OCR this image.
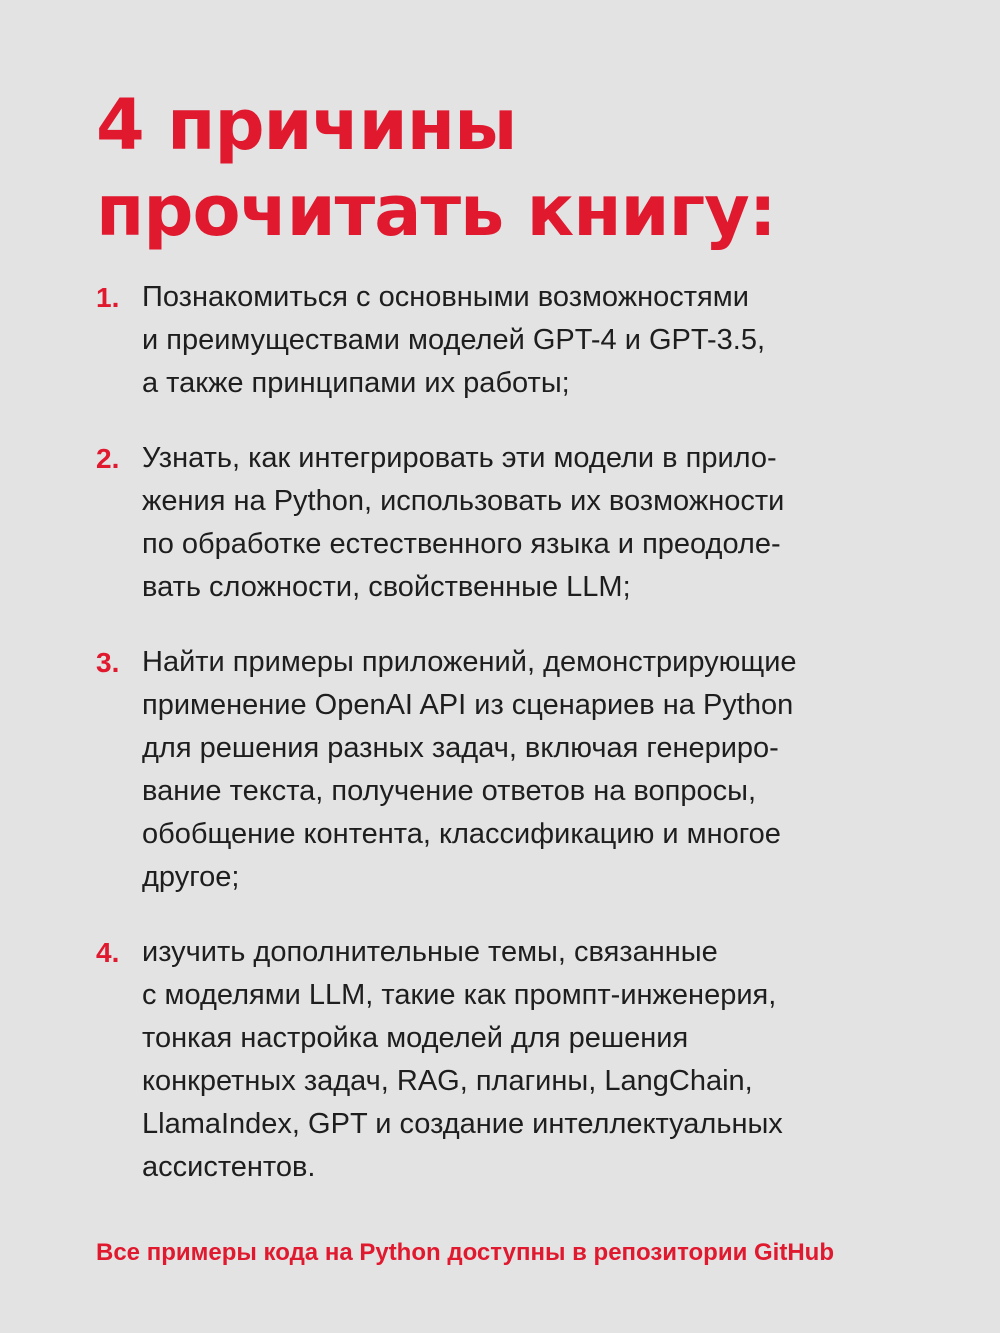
4 причины
прочитать книгу:
1. Познакомиться с основными возможностями
и преимуществами моделей GPT-4 и GPT-3.5,
а также принципами их работы;
2. Узнать, как интегрировать эти модели в прило-
жения на Python, использовать их возможности
по обработке естественного языка и преодоле-
вать сложности, свойственные LLM;
3. Найти примеры приложений, демонстрирующие
применение OpenAI API из сценариев на Python
для решения разных задач, включая генериро-
вание текста, получение ответов на вопросы,
обобщение контента, классификацию и многое
другое;
4. изучить дополнительные темы, связанные
с моделями LLM, такие как промпт-инженерия,
тонкая настройка моделей для решения
конкретных задач, RAG, плагины, LangChain,
LlamaIndex, GPT и создание интеллектуальных
ассистентов.

Все примеры кода на Python доступны в репозитории GitHub
